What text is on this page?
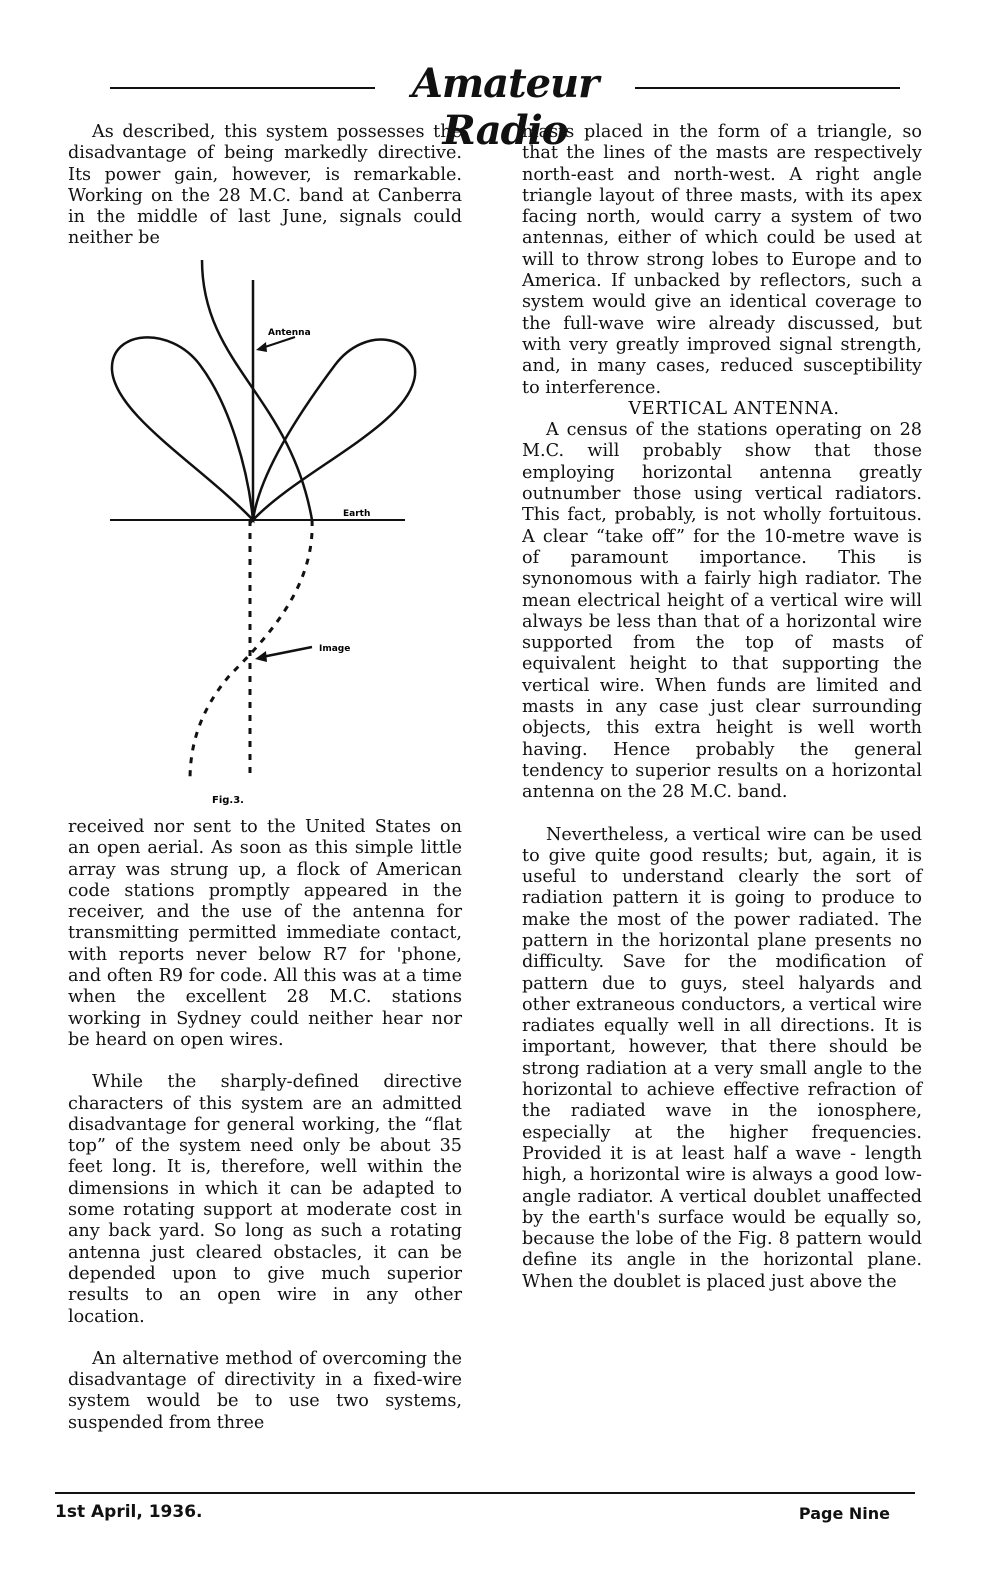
Amateur Radio

As described, this system possesses the disadvantage of being markedly directive. Its power gain, however, is remarkable. Working on the 28 M.C. band at Canberra in the middle of last June, signals could neither be

Antenna
Earth
Image
Fig.3.

received nor sent to the United States on an open aerial. As soon as this simple little array was strung up, a flock of American code stations promptly appeared in the receiver, and the use of the antenna for transmitting permitted immediate contact, with reports never below R7 for 'phone, and often R9 for code. All this was at a time when the excellent 28 M.C. stations working in Sydney could neither hear nor be heard on open wires.

While the sharply-defined directive characters of this system are an admitted disadvantage for general working, the “flat top” of the system need only be about 35 feet long. It is, therefore, well within the dimensions in which it can be adapted to some rotating support at moderate cost in any back yard. So long as such a rotating antenna just cleared obstacles, it can be depended upon to give much superior results to an open wire in any other location.

An alternative method of overcoming the disadvantage of directivity in a fixed-wire system would be to use two systems, suspended from three

masts placed in the form of a triangle, so that the lines of the masts are respectively north-east and north-west. A right angle triangle layout of three masts, with its apex facing north, would carry a system of two antennas, either of which could be used at will to throw strong lobes to Europe and to America. If unbacked by reflectors, such a system would give an identical coverage to the full-wave wire already discussed, but with very greatly improved signal strength, and, in many cases, reduced susceptibility to interference.

VERTICAL ANTENNA.

A census of the stations operating on 28 M.C. will probably show that those employing horizontal antenna greatly outnumber those using vertical radiators. This fact, probably, is not wholly fortuitous. A clear “take off” for the 10-metre wave is of paramount importance. This is synonomous with a fairly high radiator. The mean electrical height of a vertical wire will always be less than that of a horizontal wire supported from the top of masts of equivalent height to that supporting the vertical wire. When funds are limited and masts in any case just clear surrounding objects, this extra height is well worth having. Hence probably the general tendency to superior results on a horizontal antenna on the 28 M.C. band.

Nevertheless, a vertical wire can be used to give quite good results; but, again, it is useful to understand clearly the sort of radiation pattern it is going to produce to make the most of the power radiated. The pattern in the horizontal plane presents no difficulty. Save for the modification of pattern due to guys, steel halyards and other extraneous conductors, a vertical wire radiates equally well in all directions. It is important, however, that there should be strong radiation at a very small angle to the horizontal to achieve effective refraction of the radiated wave in the ionosphere, especially at the higher frequencies. Provided it is at least half a wave - length high, a horizontal wire is always a good low-angle radiator. A vertical doublet unaffected by the earth's surface would be equally so, because the lobe of the Fig. 8 pattern would define its angle in the horizontal plane. When the doublet is placed just above the

1st April, 1936.	Page Nine
